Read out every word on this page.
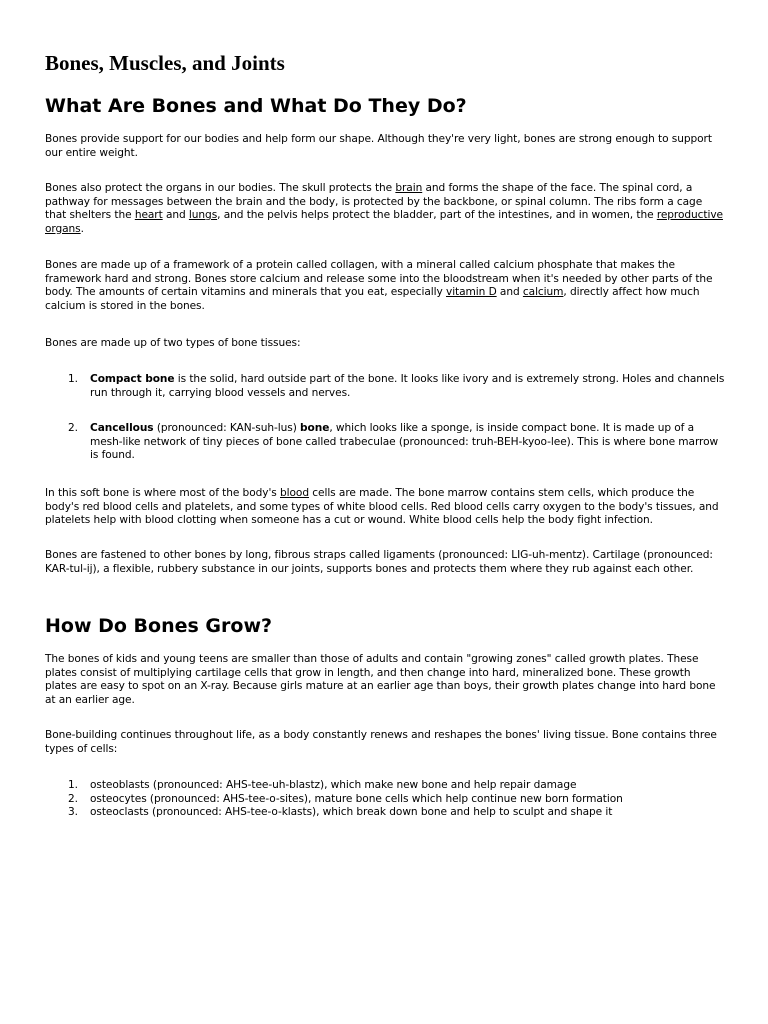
Bones, Muscles, and Joints
What Are Bones and What Do They Do?

Bones provide support for our bodies and help form our shape. Although they're very light, bones are strong enough to support our entire weight.

Bones also protect the organs in our bodies. The skull protects the brain and forms the shape of the face. The spinal cord, a pathway for messages between the brain and the body, is protected by the backbone, or spinal column. The ribs form a cage that shelters the heart and lungs, and the pelvis helps protect the bladder, part of the intestines, and in women, the reproductive organs.

Bones are made up of a framework of a protein called collagen, with a mineral called calcium phosphate that makes the framework hard and strong. Bones store calcium and release some into the bloodstream when it's needed by other parts of the body. The amounts of certain vitamins and minerals that you eat, especially vitamin D and calcium, directly affect how much calcium is stored in the bones.

Bones are made up of two types of bone tissues:

1. Compact bone is the solid, hard outside part of the bone. It looks like ivory and is extremely strong. Holes and channels run through it, carrying blood vessels and nerves.
2. Cancellous (pronounced: KAN-suh-lus) bone, which looks like a sponge, is inside compact bone. It is made up of a mesh-like network of tiny pieces of bone called trabeculae (pronounced: truh-BEH-kyoo-lee). This is where bone marrow is found.

In this soft bone is where most of the body's blood cells are made. The bone marrow contains stem cells, which produce the body's red blood cells and platelets, and some types of white blood cells. Red blood cells carry oxygen to the body's tissues, and platelets help with blood clotting when someone has a cut or wound. White blood cells help the body fight infection.

Bones are fastened to other bones by long, fibrous straps called ligaments (pronounced: LIG-uh-mentz). Cartilage (pronounced: KAR-tul-ij), a flexible, rubbery substance in our joints, supports bones and protects them where they rub against each other.

How Do Bones Grow?

The bones of kids and young teens are smaller than those of adults and contain "growing zones" called growth plates. These plates consist of multiplying cartilage cells that grow in length, and then change into hard, mineralized bone. These growth plates are easy to spot on an X-ray. Because girls mature at an earlier age than boys, their growth plates change into hard bone at an earlier age.

Bone-building continues throughout life, as a body constantly renews and reshapes the bones' living tissue. Bone contains three types of cells:

1. osteoblasts (pronounced: AHS-tee-uh-blastz), which make new bone and help repair damage
2. osteocytes (pronounced: AHS-tee-o-sites), mature bone cells which help continue new born formation
3. osteoclasts (pronounced: AHS-tee-o-klasts), which break down bone and help to sculpt and shape it
